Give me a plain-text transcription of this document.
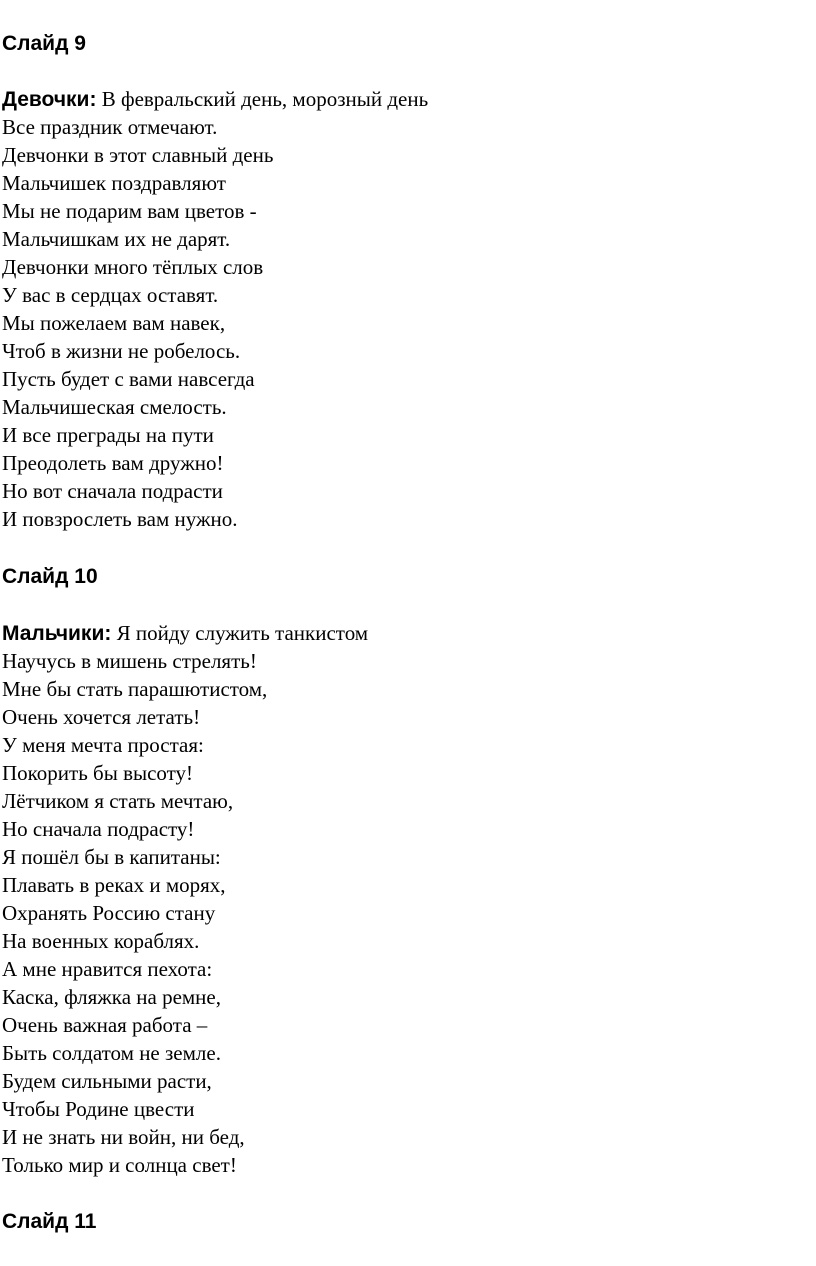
Слайд 9
Девочки: В февральский день, морозный день
Все праздник отмечают.
Девчонки в этот славный день
Мальчишек поздравляют
Мы не подарим вам цветов -
Мальчишкам их не дарят.
Девчонки много тёплых слов
У вас в сердцах оставят.
Мы пожелаем вам навек,
Чтоб в жизни не робелось.
Пусть будет с вами навсегда
Мальчишеская смелость.
И все преграды на пути
Преодолеть вам дружно!
Но вот сначала подрасти
И повзрослеть вам нужно.
Слайд 10
Мальчики: Я пойду служить танкистом
Научусь в мишень стрелять!
Мне бы стать парашютистом,
Очень хочется летать!
У меня мечта простая:
Покорить бы высоту!
Лётчиком я стать мечтаю,
Но сначала подрасту!
Я пошёл бы в капитаны:
Плавать в реках и морях,
Охранять Россию стану
На военных кораблях.
А мне нравится пехота:
Каска, фляжка на ремне,
Очень важная работа –
Быть солдатом не земле.
Будем сильными расти,
Чтобы Родине цвести
И не знать ни войн, ни бед,
Только мир и солнца свет!
Слайд 11
